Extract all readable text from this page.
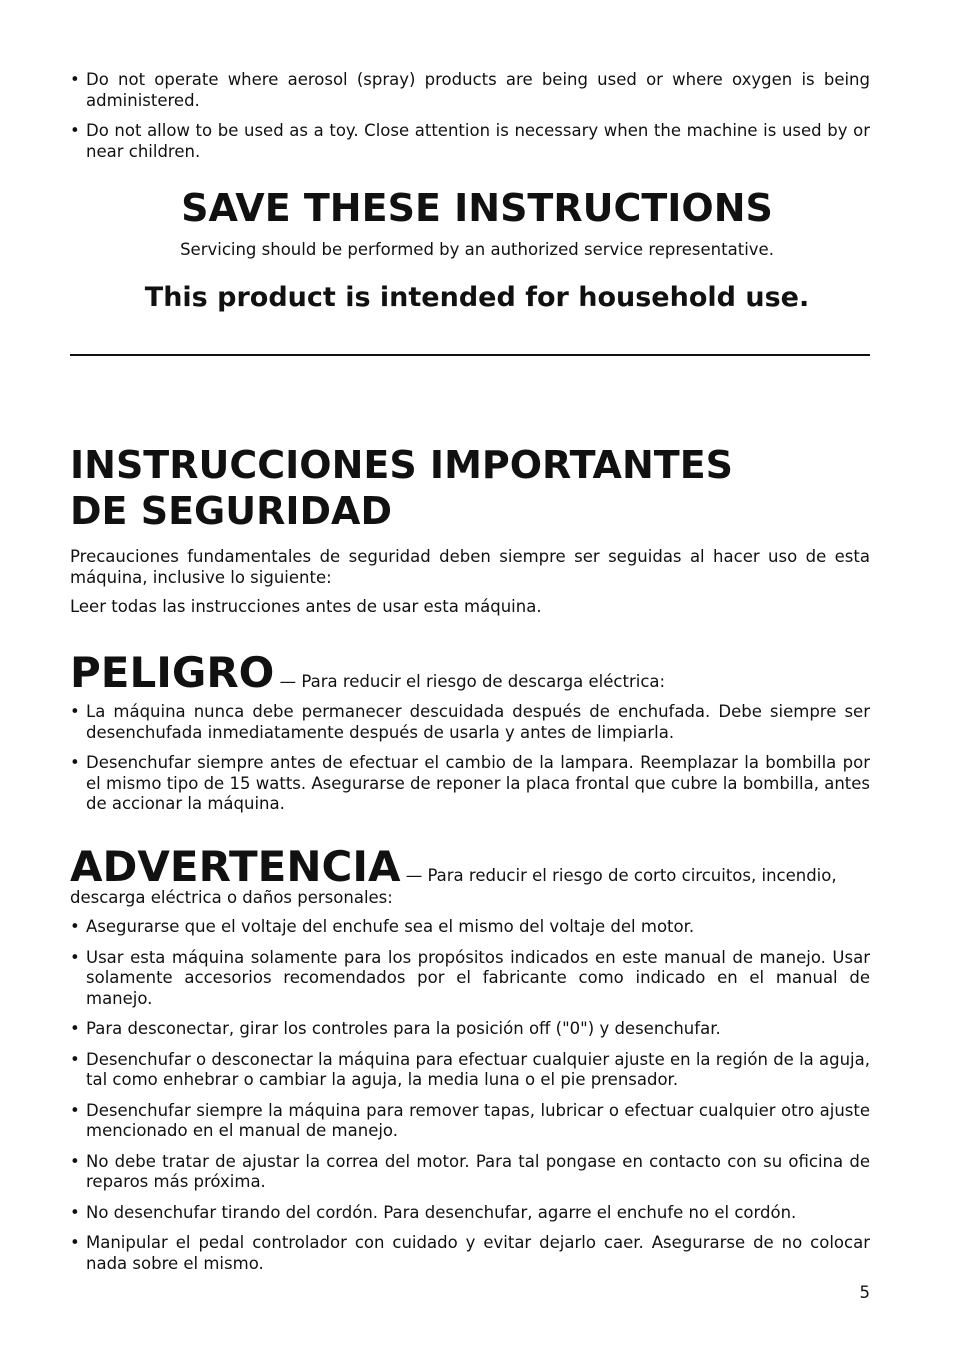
• Do not operate where aerosol (spray) products are being used or where oxygen is being administered.
• Do not allow to be used as a toy. Close attention is necessary when the machine is used by or near children.
SAVE THESE INSTRUCTIONS

Servicing should be performed by an authorized service representative.

This product is intended for household use.

INSTRUCCIONES IMPORTANTES
DE SEGURIDAD

Precauciones fundamentales de seguridad deben siempre ser seguidas al hacer uso de esta máquina, inclusive lo siguiente:

Leer todas las instrucciones antes de usar esta máquina.

PELIGRO — Para reducir el riesgo de descarga eléctrica:

• La máquina nunca debe permanecer descuidada después de enchufada. Debe siempre ser desenchufada inmediatamente después de usarla y antes de limpiarla.
• Desenchufar siempre antes de efectuar el cambio de la lampara. Reemplazar la bombilla por el mismo tipo de 15 watts. Asegurarse de reponer la placa frontal que cubre la bombilla, antes de accionar la máquina.

ADVERTENCIA — Para reducir el riesgo de corto circuitos, incendio, descarga eléctrica o daños personales:

• Asegurarse que el voltaje del enchufe sea el mismo del voltaje del motor.
• Usar esta máquina solamente para los propósitos indicados en este manual de manejo. Usar solamente accesorios recomendados por el fabricante como indicado en el manual de manejo.
• Para desconectar, girar los controles para la posición off ("0") y desenchufar.
• Desenchufar o desconectar la máquina para efectuar cualquier ajuste en la región de la aguja, tal como enhebrar o cambiar la aguja, la media luna o el pie prensador.
• Desenchufar siempre la máquina para remover tapas, lubricar o efectuar cualquier otro ajuste mencionado en el manual de manejo.
• No debe tratar de ajustar la correa del motor. Para tal pongase en contacto con su oficina de reparos más próxima.
• No desenchufar tirando del cordón. Para desenchufar, agarre el enchufe no el cordón.
• Manipular el pedal controlador con cuidado y evitar dejarlo caer. Asegurarse de no colocar nada sobre el mismo.

5
